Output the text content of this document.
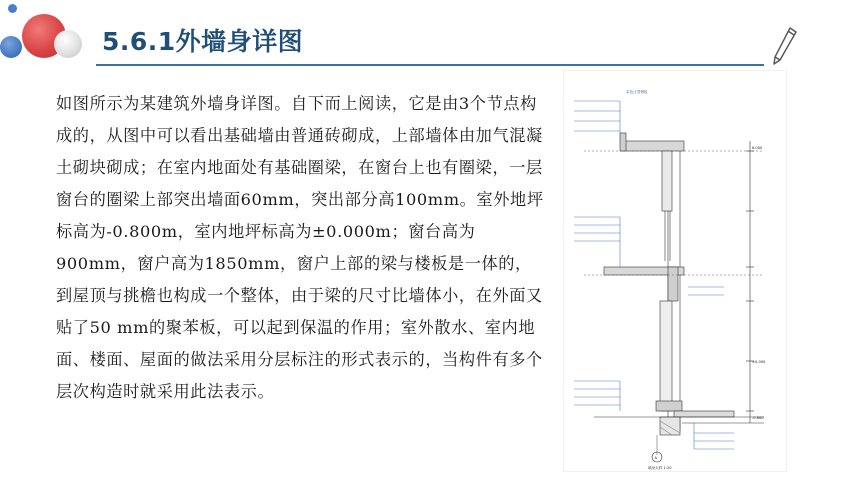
5.6.1外墙身详图

如图所示为某建筑外墙身详图。自下而上阅读，它是由3个节点构成的，从图中可以看出基础墙由普通砖砌成，上部墙体由加气混凝土砌块砌成；在室内地面处有基础圈梁，在窗台上也有圈梁，一层窗台的圈梁上部突出墙面60mm，突出部分高100mm。室外地坪标高为-0.800m，室内地坪标高为±0.000m；窗台高为900mm，窗户高为1850mm，窗户上部的梁与楼板是一体的，到屋顶与挑檐也构成一个整体，由于梁的尺寸比墙体小，在外面又贴了50 mm的聚苯板，可以起到保温的作用；室外散水、室内地面、楼面、屋面的做法采用分层标注的形式表示的，当构件有多个层次构造时就采用此法表示。

彩色压型钢板
-0.800
±0.000
6.000
A
墙身大样 1:20
